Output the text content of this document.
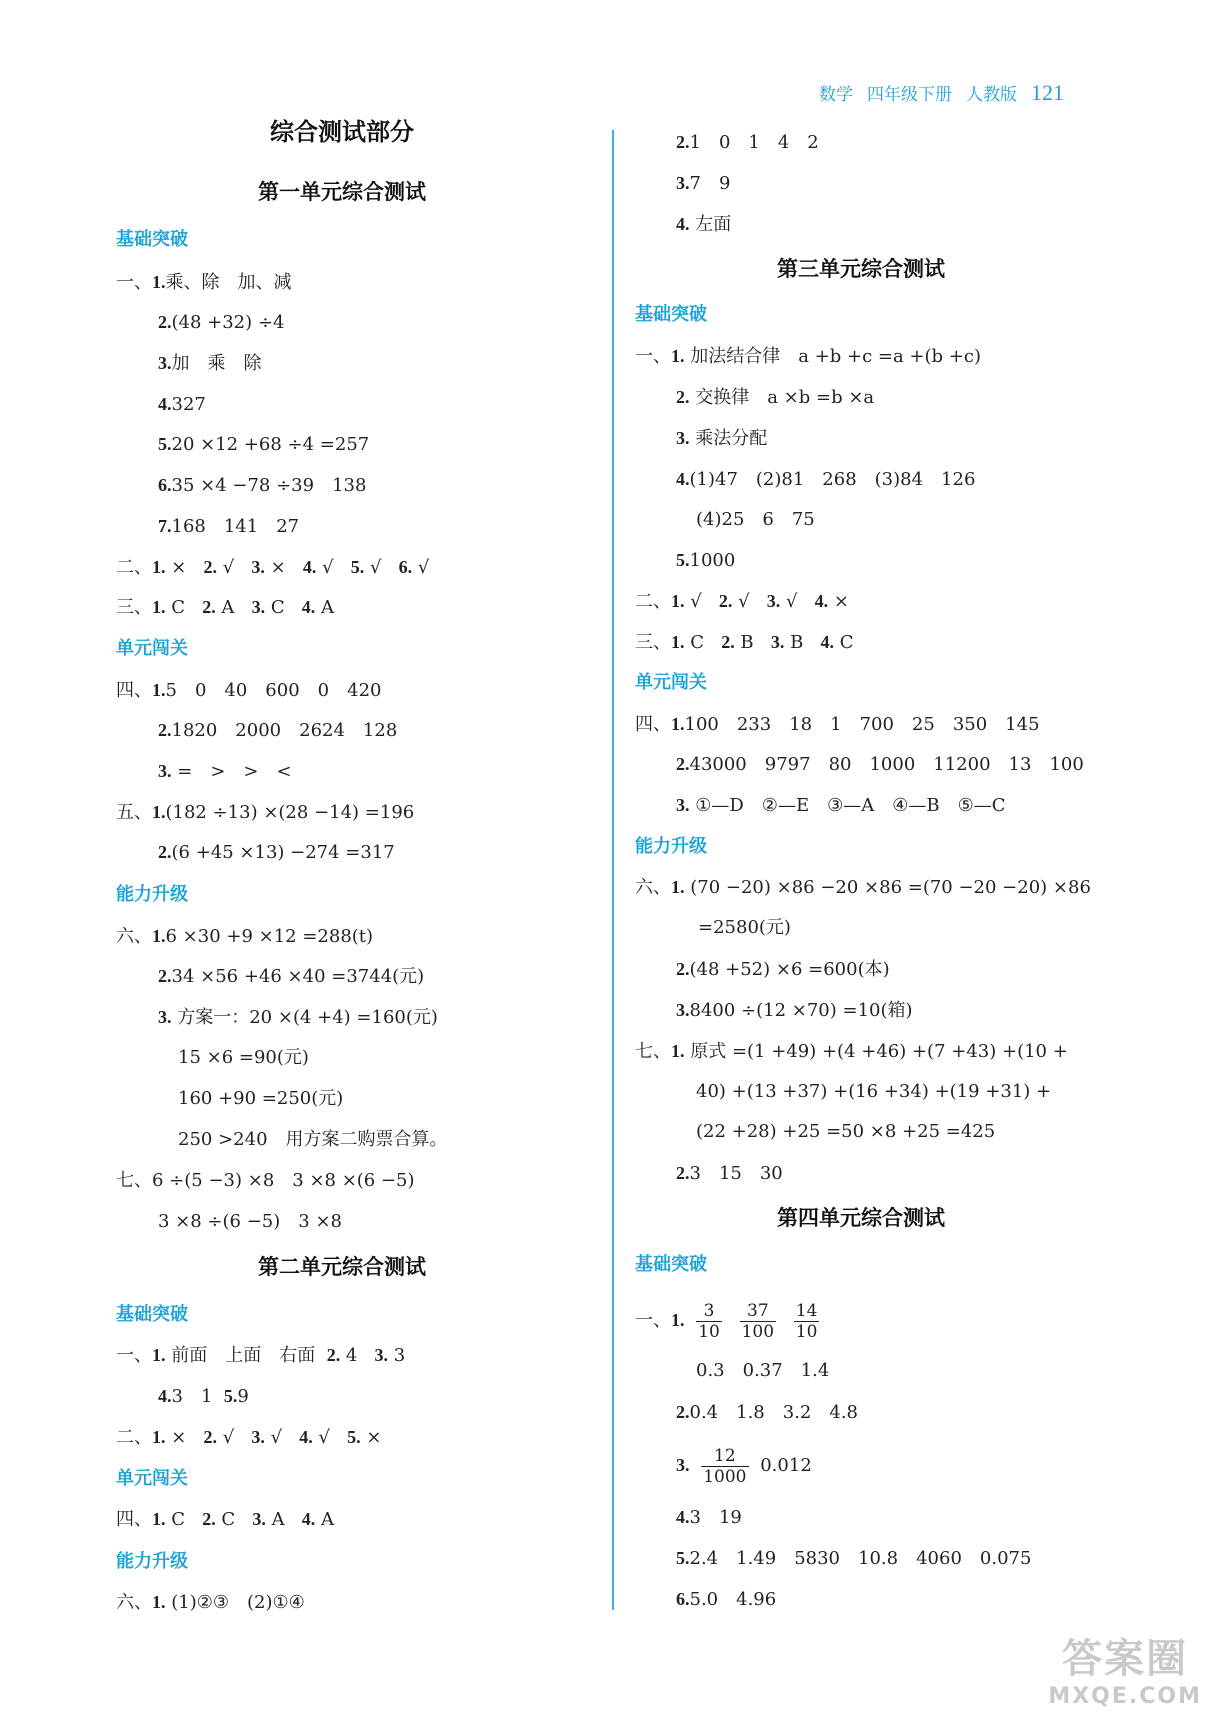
数学 四年级下册 人教版 121
综合测试部分
第一单元综合测试
基础突破
一、1.乘、除　加、减
2.(48 +32) ÷4
3.加　乘　除
4.327
5.20 ×12 +68 ÷4 =257
6.35 ×4 −78 ÷39　138
7.168　141　27
二、1. × 2. √ 3. × 4. √ 5. √ 6. √
三、1. C 2. A 3. C 4. A
单元闯关
四、1.5　0　40　600　0　420
2.1820　2000　2624　128
3. =　>　>　<
五、1.(182 ÷13) ×(28 −14) =196
2.(6 +45 ×13) −274 =317
能力升级
六、1.6 ×30 +9 ×12 =288(t)
2.34 ×56 +46 ×40 =3744(元)
3. 方案一：20 ×(4 +4) =160(元)
15 ×6 =90(元)
160 +90 =250(元)
250 >240　用方案二购票合算。
七、6 ÷(5 −3) ×8　3 ×8 ×(6 −5)
3 ×8 ÷(6 −5)　3 ×8
第二单元综合测试
基础突破
一、1. 前面　上面　右面 2. 4 3. 3
4.3　1 5.9
二、1. × 2. √ 3. √ 4. √ 5. ×
单元闯关
四、1. C 2. C 3. A 4. A
能力升级
六、1. (1)②③　(2)①④
2.1　0　1　4　2
3.7　9
4. 左面
第三单元综合测试
基础突破
一、1. 加法结合律　a +b +c =a +(b +c)
2. 交换律　a ×b =b ×a
3. 乘法分配
4.(1)47　(2)81　268　(3)84　126
(4)25　6　75
5.1000
二、1. √ 2. √ 3. √ 4. ×
三、1. C 2. B 3. B 4. C
单元闯关
四、1.100　233　18　1　700　25　350　145
2.43000　9797　80　1000　11200　13　100
3. ①—D　②—E　③—A　④—B　⑤—C
能力升级
六、1. (70 −20) ×86 −20 ×86 =(70 −20 −20) ×86
=2580(元)
2.(48 +52) ×6 =600(本)
3.8400 ÷(12 ×70) =10(箱)
七、1. 原式 =(1 +49) +(4 +46) +(7 +43) +(10 +
40) +(13 +37) +(16 +34) +(19 +31) +
(22 +28) +25 =50 ×8 +25 =425
2.3　15　30
第四单元综合测试
基础突破
一、1. $\frac{3}{10}$
$\frac{37}{100}$
$\frac{14}{10}$
0.3　0.37　1.4
2.0.4　1.8　3.2　4.8
3. $\frac{12}{1000} 0.012$
4.3　19
5.2.4　1.49　5830　10.8　4060　0.075
6.5.0　4.96
答案圈
MXQE.COM
